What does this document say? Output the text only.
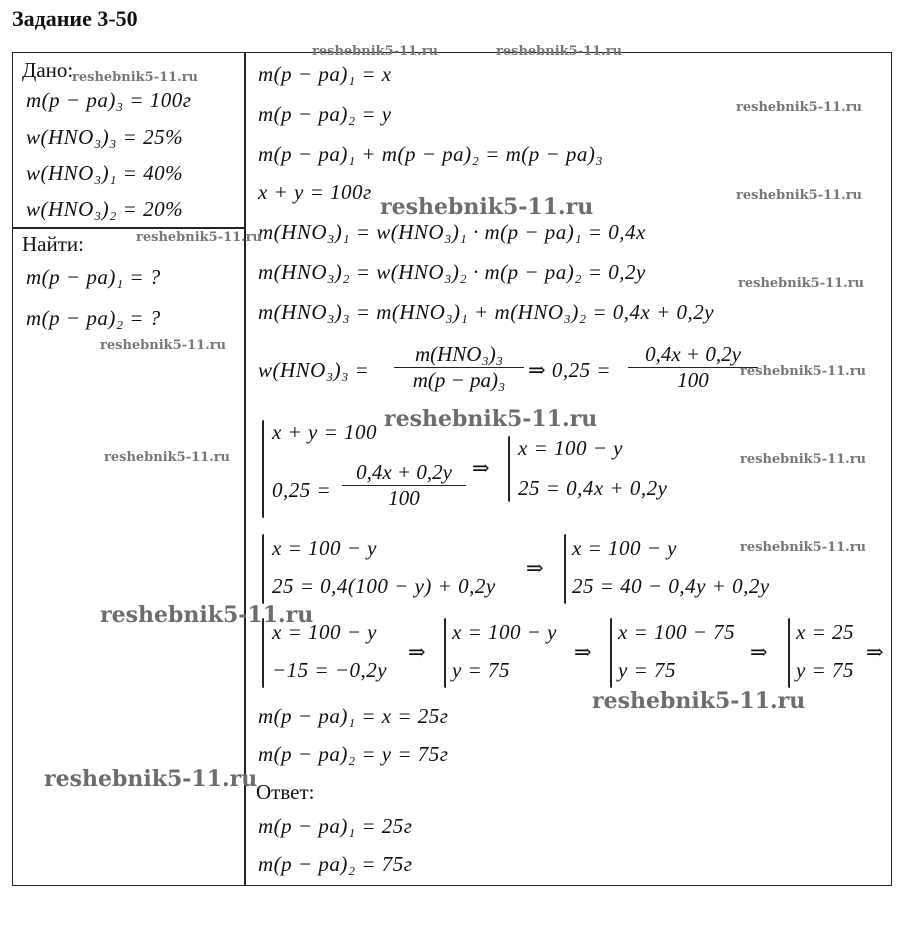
Задание 3-50
Дано:
m(p − pa)₃ = 100г
w(HNO₃)₃ = 25%
w(HNO₃)₁ = 40%
w(HNO₃)₂ = 20%
Найти:
m(p − pa)₁ = ?
m(p − pa)₂ = ?
m(p − pa)₁ = x
m(p − pa)₂ = y
m(p − pa)₁ + m(p − pa)₂ = m(p − pa)₃
x + y = 100г
m(HNO₃)₁ = w(HNO₃)₁ · m(p − pa)₁ = 0,4x
m(HNO₃)₂ = w(HNO₃)₂ · m(p − pa)₂ = 0,2y
m(HNO₃)₃ = m(HNO₃)₁ + m(HNO₃)₂ = 0,4x + 0,2y
w(HNO₃)₃ =
m(HNO₃)₃
m(p − pa)₃	⇒ $0,25 = \frac{0,4x + 0,2y}{100}$
x + y = 100
$0,25 = \frac{0,4x + 0,2y}{100}$ ⇒
x = 100 − y
25 = 0,4x + 0,2y
x = 100 − y
25 = 0,4(100 − y) + 0,2y
⇒
x = 100 − y
25 = 40 − 0,4y + 0,2y
x = 100 − y
−15 = −0,2y
⇒
x = 100 − y
y = 75
⇒
x = 100 − 75
y = 75
⇒
x = 25
y = 75
⇒
m(p − pa)₁ = x = 25г
m(p − pa)₂ = y = 75г
Ответ:
m(p − pa)₁ = 25г
m(p − pa)₂ = 75г
reshebnik5-11.ru	reshebnik5-11.ru
reshebnik5-11.ru
reshebnik5-11.ru
reshebnik5-11.ru
reshebnik5-11.ru
reshebnik5-11.ru
reshebnik5-11.ru
reshebnik5-11.ru
reshebnik5-11.ru
reshebnik5-11.ru
reshebnik5-11.ru	reshebnik5-11.ru
reshebnik5-11.ru
reshebnik5-11.ru
reshebnik5-11.ru
reshebnik5-11.ru
